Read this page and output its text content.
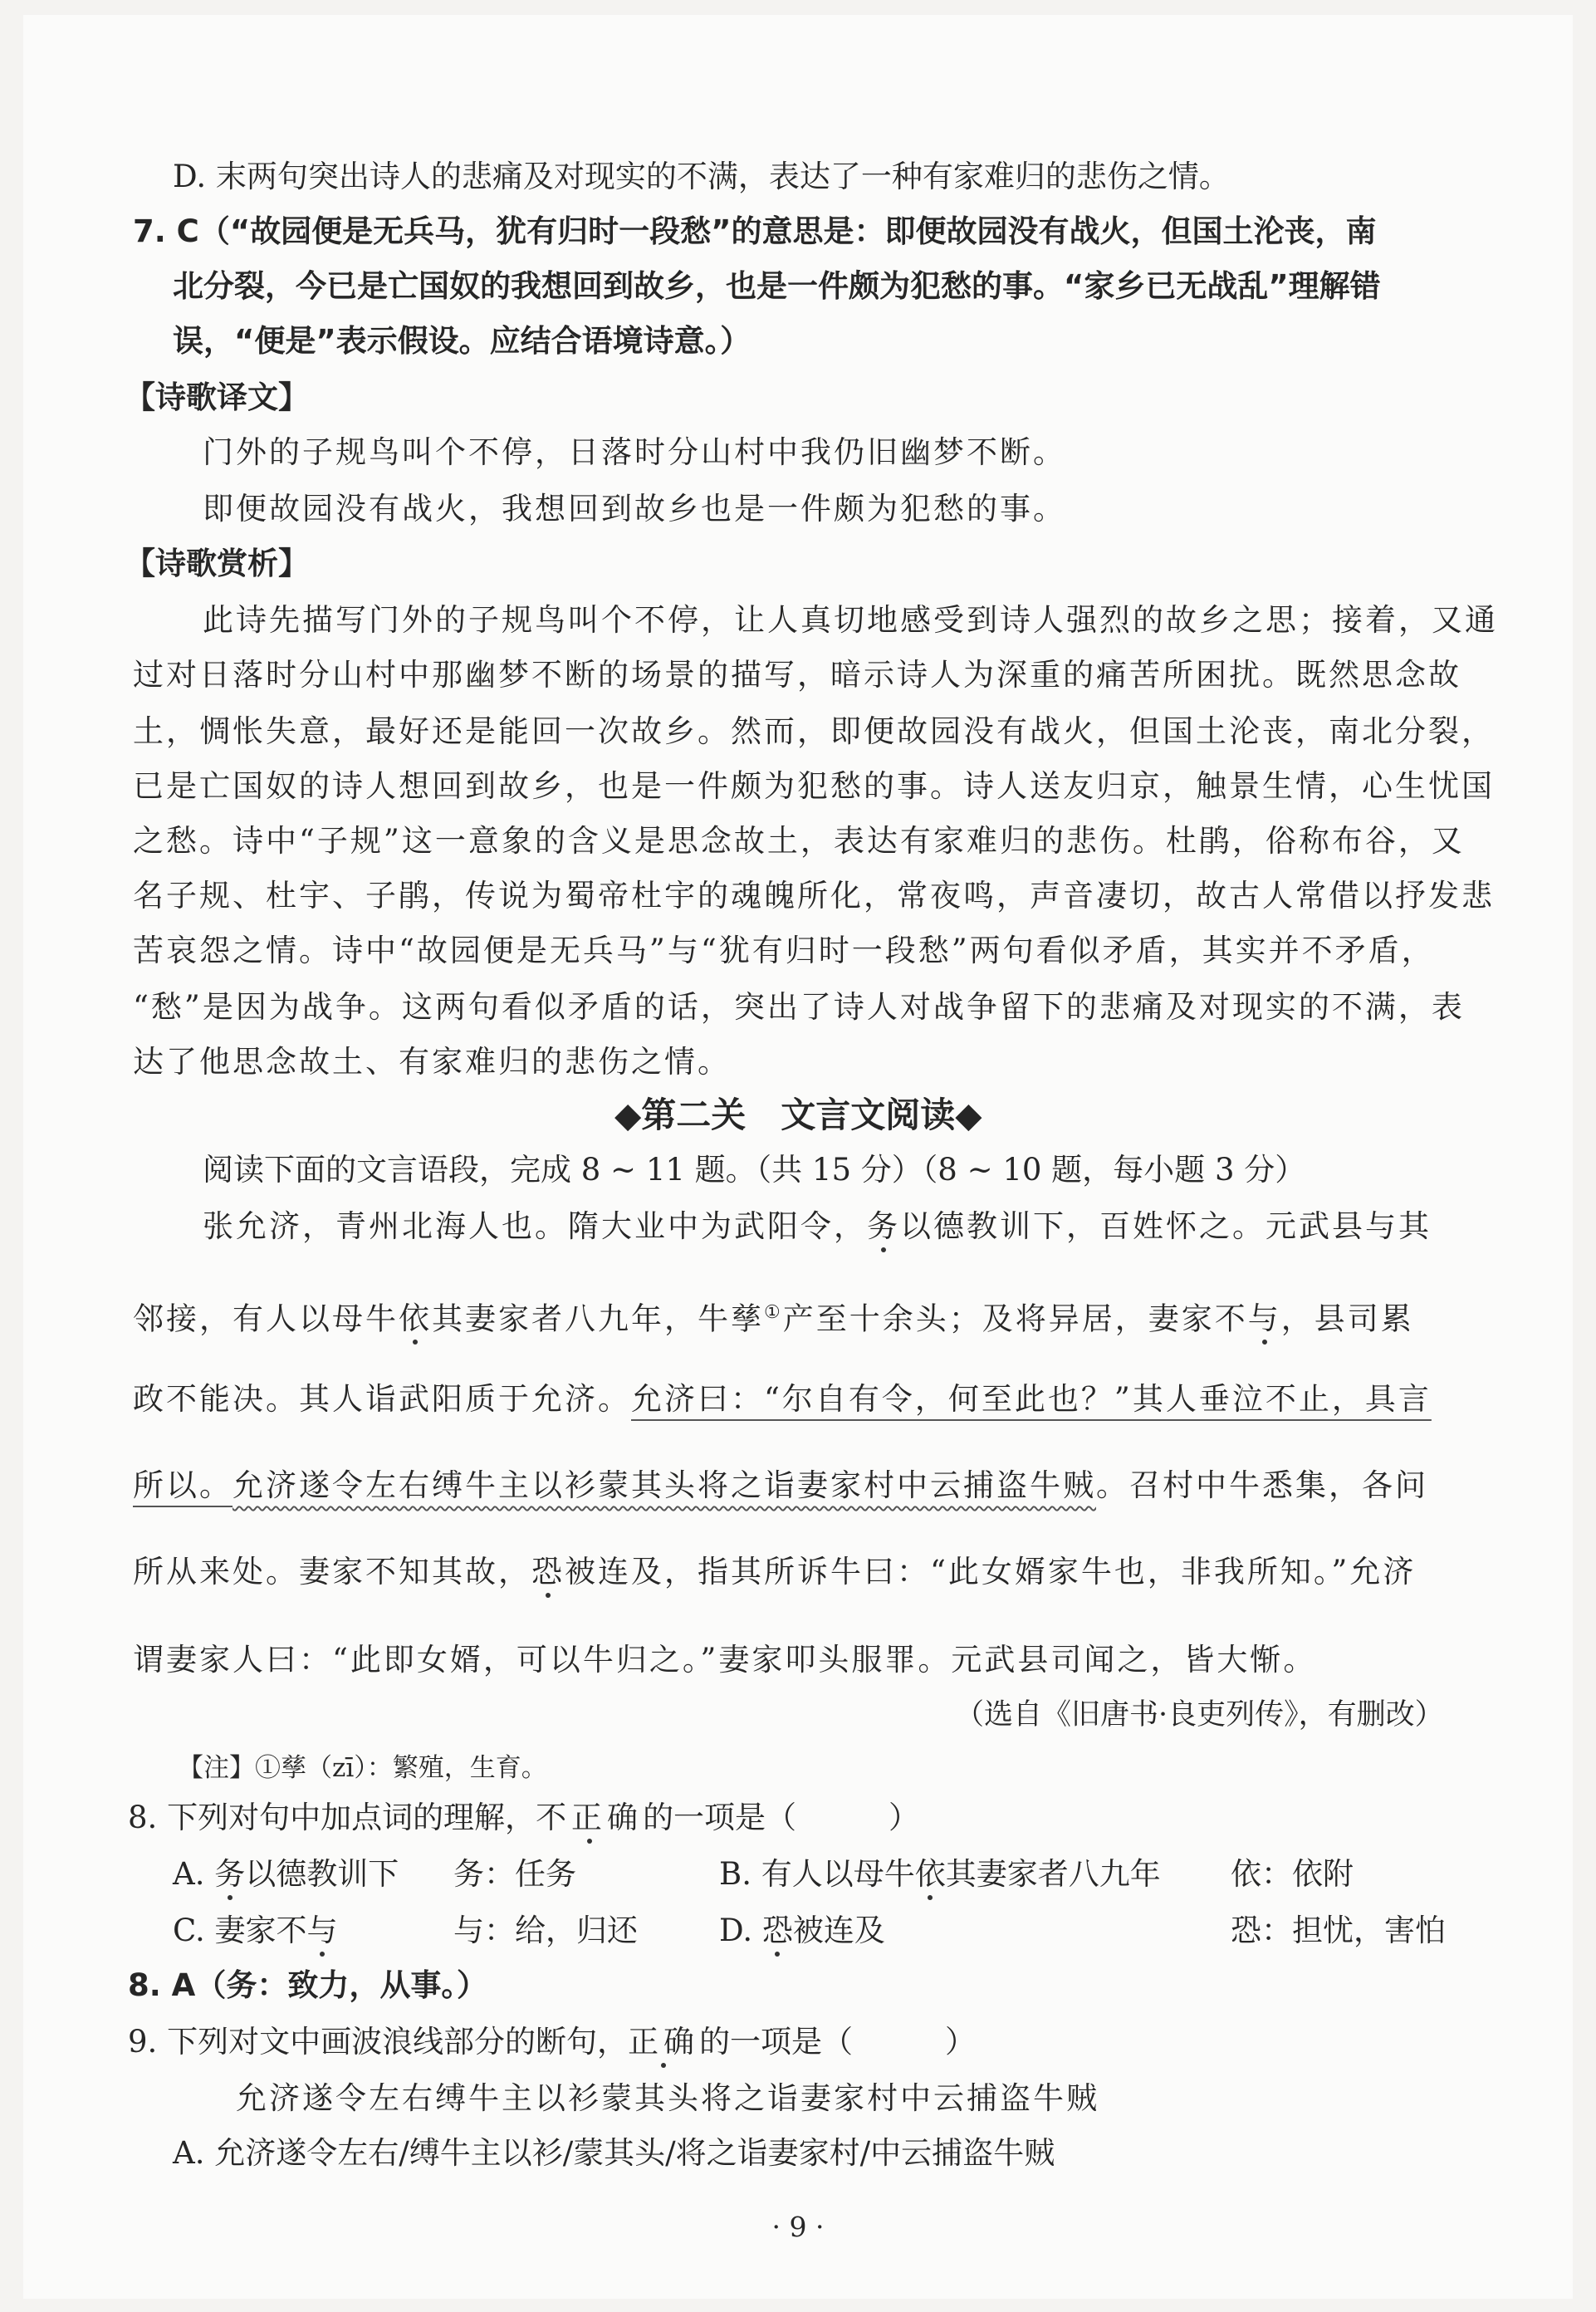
D. 末两句突出诗人的悲痛及对现实的不满，表达了一种有家难归的悲伤之情。
7. C（“故园便是无兵马，犹有归时一段愁”的意思是：即便故园没有战火，但国土沦丧，南
北分裂，今已是亡国奴的我想回到故乡，也是一件颇为犯愁的事。“家乡已无战乱”理解错
误，“便是”表示假设。应结合语境诗意。）
【诗歌译文】
门外的子规鸟叫个不停，日落时分山村中我仍旧幽梦不断。
即便故园没有战火，我想回到故乡也是一件颇为犯愁的事。
【诗歌赏析】
此诗先描写门外的子规鸟叫个不停，让人真切地感受到诗人强烈的故乡之思；接着，又通
过对日落时分山村中那幽梦不断的场景的描写，暗示诗人为深重的痛苦所困扰。既然思念故
土，惆怅失意，最好还是能回一次故乡。然而，即便故园没有战火，但国土沦丧，南北分裂，
已是亡国奴的诗人想回到故乡，也是一件颇为犯愁的事。诗人送友归京，触景生情，心生忧国
之愁。诗中“子规”这一意象的含义是思念故土，表达有家难归的悲伤。杜鹃，俗称布谷，又
名子规、杜宇、子鹃，传说为蜀帝杜宇的魂魄所化，常夜鸣，声音凄切，故古人常借以抒发悲
苦哀怨之情。诗中“故园便是无兵马”与“犹有归时一段愁”两句看似矛盾，其实并不矛盾，
“愁”是因为战争。这两句看似矛盾的话，突出了诗人对战争留下的悲痛及对现实的不满，表
达了他思念故土、有家难归的悲伤之情。
◆第二关　文言文阅读◆
阅读下面的文言语段，完成 8 ~ 11 题。（共 15 分）（8 ~ 10 题，每小题 3 分）
张允济，青州北海人也。隋大业中为武阳令，务以德教训下，百姓怀之。元武县与其
邻接，有人以母牛依其妻家者八九年，牛孳①产至十余头；及将异居，妻家不与，县司累
政不能决。其人诣武阳质于允济。允济曰：“尔自有令，何至此也？”其人垂泣不止，具言
所以。允济遂令左右缚牛主以衫蒙其头将之诣妻家村中云捕盗牛贼。召村中牛悉集，各问
所从来处。妻家不知其故，恐被连及，指其所诉牛曰：“此女婿家牛也，非我所知。”允济
谓妻家人曰：“此即女婿，可以牛归之。”妻家叩头服罪。元武县司闻之，皆大惭。
（选自《旧唐书·良吏列传》，有删改）
【注】①孳（zī）：繁殖，生育。
8. 下列对句中加点词的理解，不正确的一项是（　　　）
A. 务以德教训下 务：任务	B. 有人以母牛依其妻家者八九年 依：依附
C. 妻家不与	与：给，归还	D. 恐被连及	恐：担忧，害怕
8. A（务：致力，从事。）
9. 下列对文中画波浪线部分的断句，正确的一项是（　　　）
允济遂令左右缚牛主以衫蒙其头将之诣妻家村中云捕盗牛贼
A. 允济遂令左右/缚牛主以衫/蒙其头/将之诣妻家村/中云捕盗牛贼
· 9 ·
